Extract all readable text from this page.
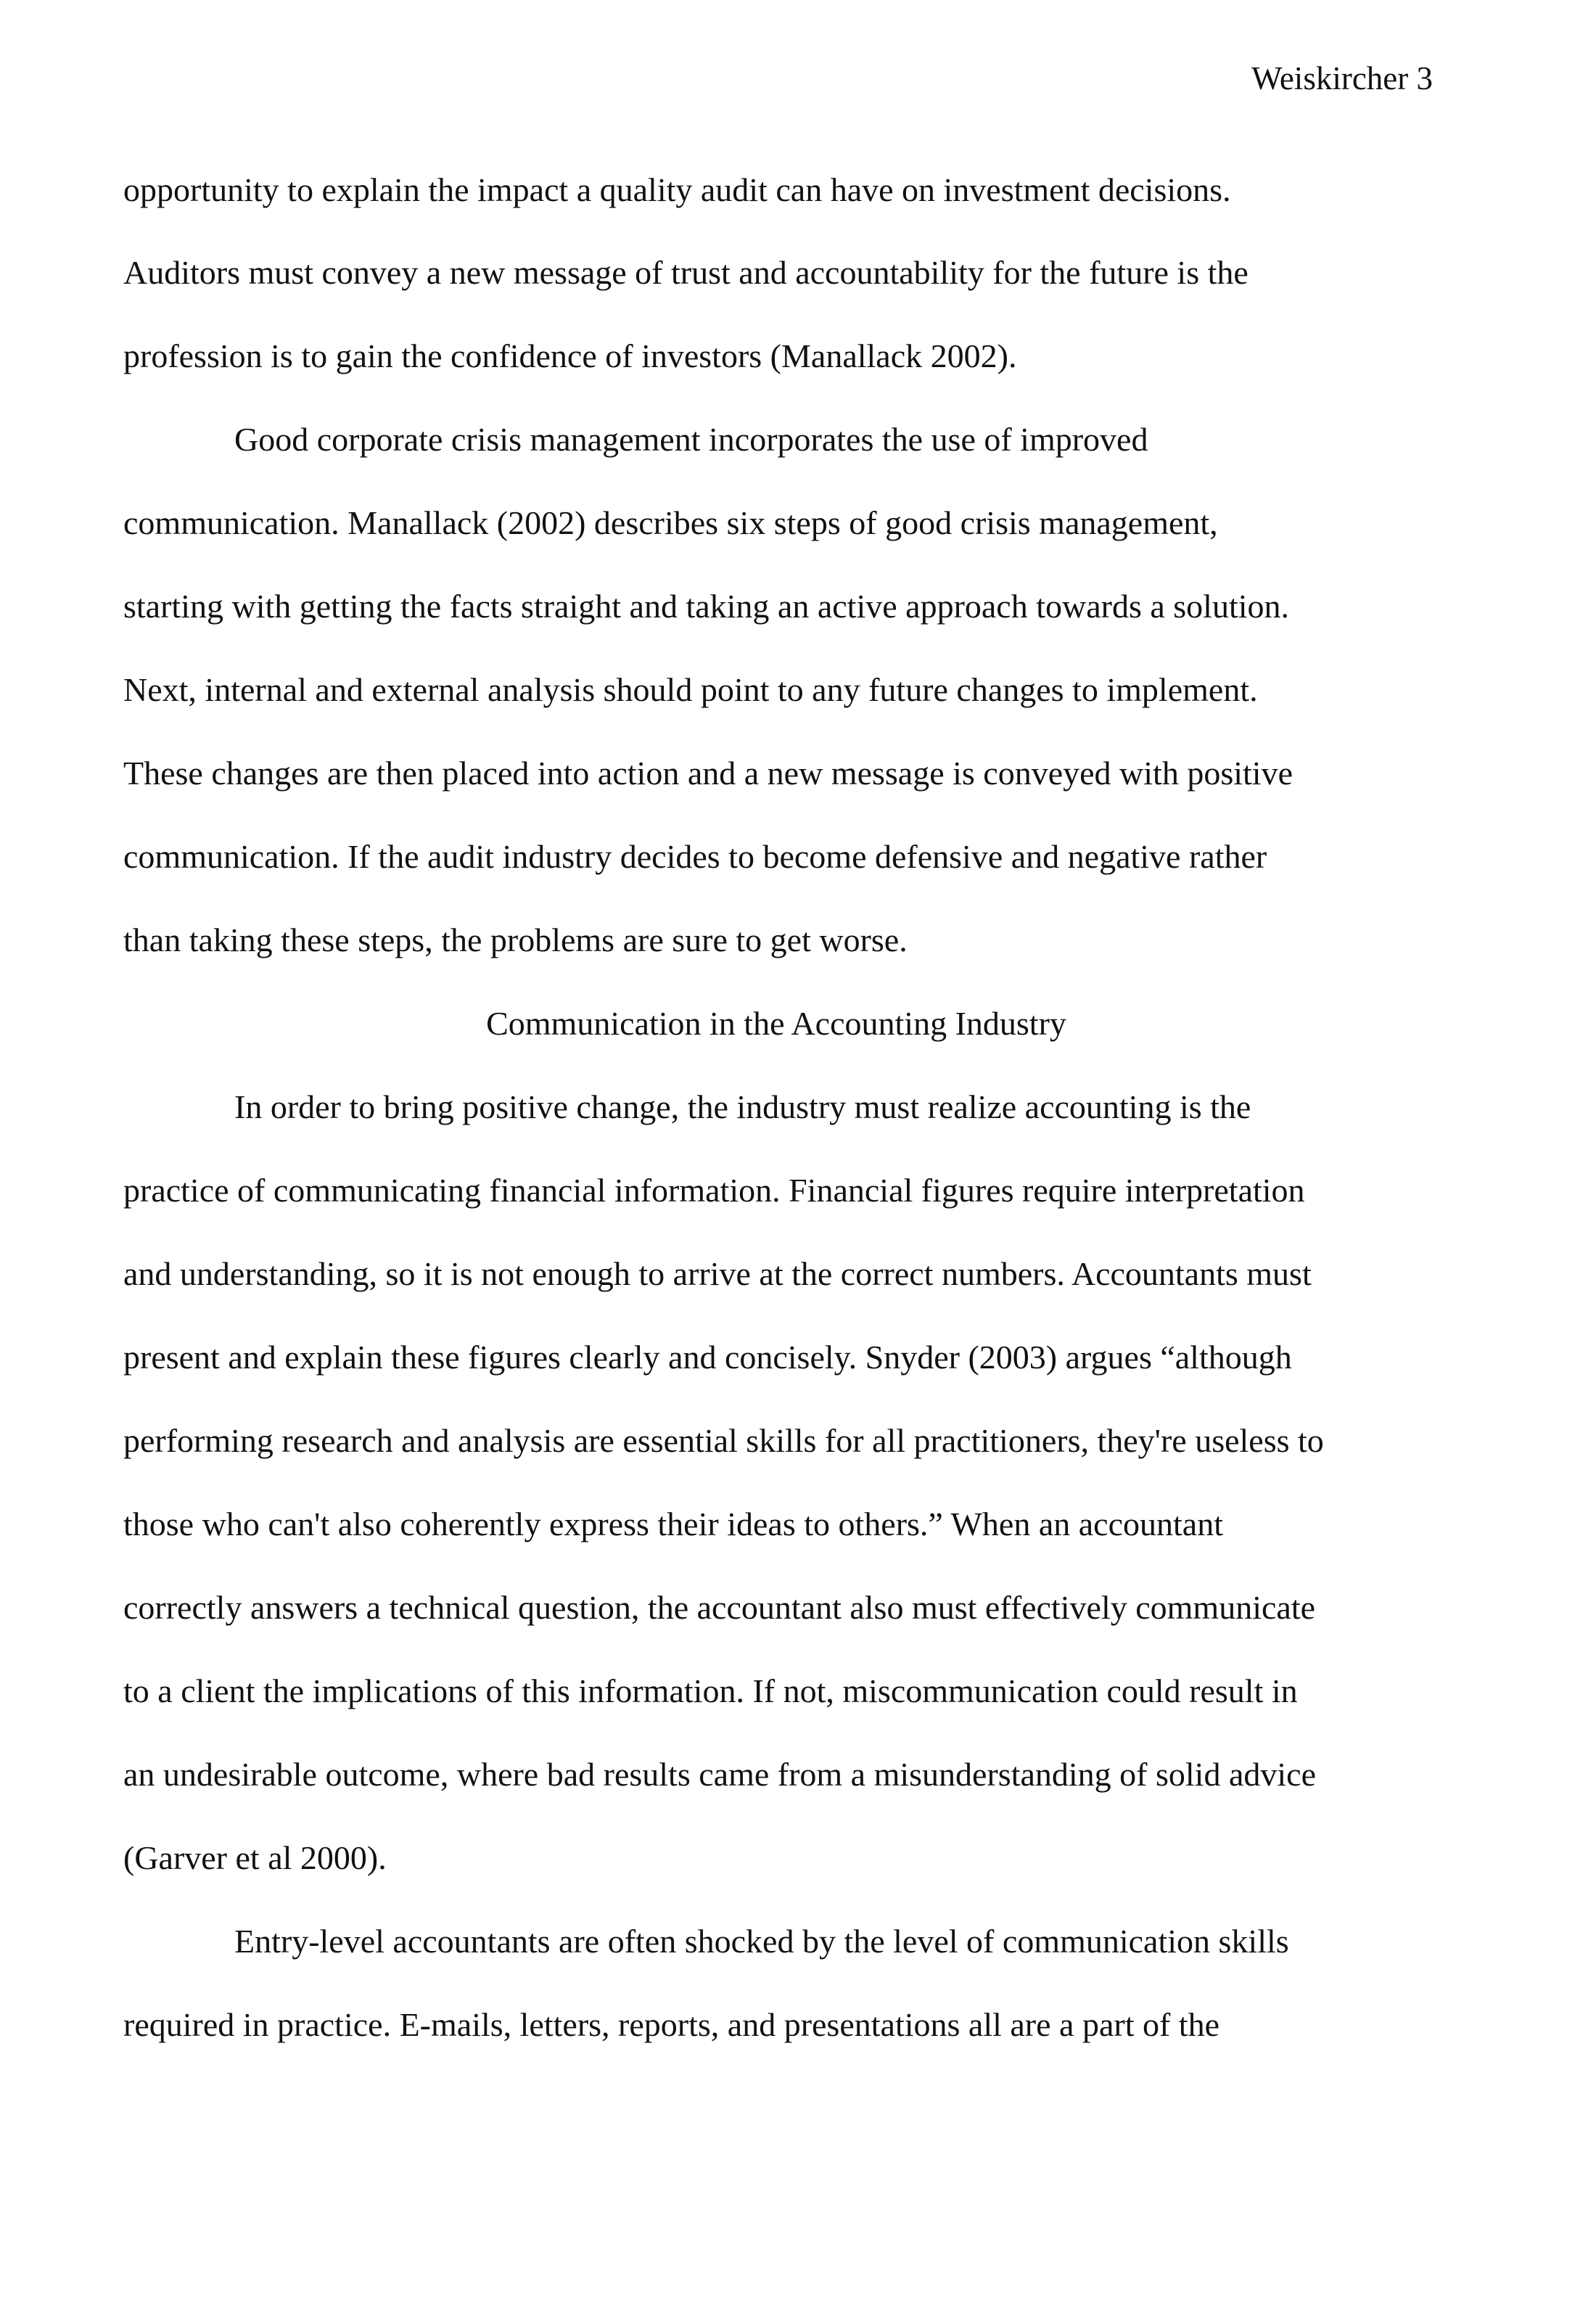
Weiskircher 3
opportunity to explain the impact a quality audit can have on investment decisions.
Auditors must convey a new message of trust and accountability for the future is the
profession is to gain the confidence of investors (Manallack 2002).
Good corporate crisis management incorporates the use of improved
communication. Manallack (2002) describes six steps of good crisis management,
starting with getting the facts straight and taking an active approach towards a solution.
Next, internal and external analysis should point to any future changes to implement.
These changes are then placed into action and a new message is conveyed with positive
communication. If the audit industry decides to become defensive and negative rather
than taking these steps, the problems are sure to get worse.
Communication in the Accounting Industry
In order to bring positive change, the industry must realize accounting is the
practice of communicating financial information. Financial figures require interpretation
and understanding, so it is not enough to arrive at the correct numbers. Accountants must
present and explain these figures clearly and concisely. Snyder (2003) argues “although
performing research and analysis are essential skills for all practitioners, they're useless to
those who can't also coherently express their ideas to others.” When an accountant
correctly answers a technical question, the accountant also must effectively communicate
to a client the implications of this information. If not, miscommunication could result in
an undesirable outcome, where bad results came from a misunderstanding of solid advice
(Garver et al 2000).
Entry-level accountants are often shocked by the level of communication skills
required in practice. E-mails, letters, reports, and presentations all are a part of the
